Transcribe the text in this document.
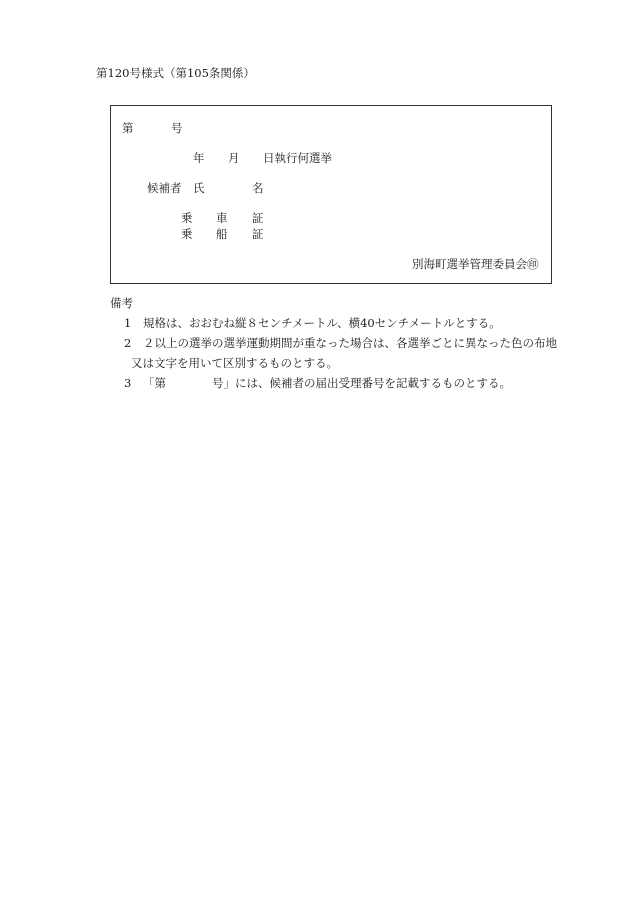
第120号様式（第105条関係）
第	号
年 月 日執行何選挙
候補者 氏	名
乗 車 証
乗 船 証
別海町選挙管理委員会㊞
備考
1 規格は、おおむね縦８センチメートル、横40センチメートルとする。
2 ２以上の選挙の選挙運動期間が重なった場合は、各選挙ごとに異なった色の布地
又は文字を用いて区別するものとする。
3 「第　　　　号」には、候補者の届出受理番号を記載するものとする。
